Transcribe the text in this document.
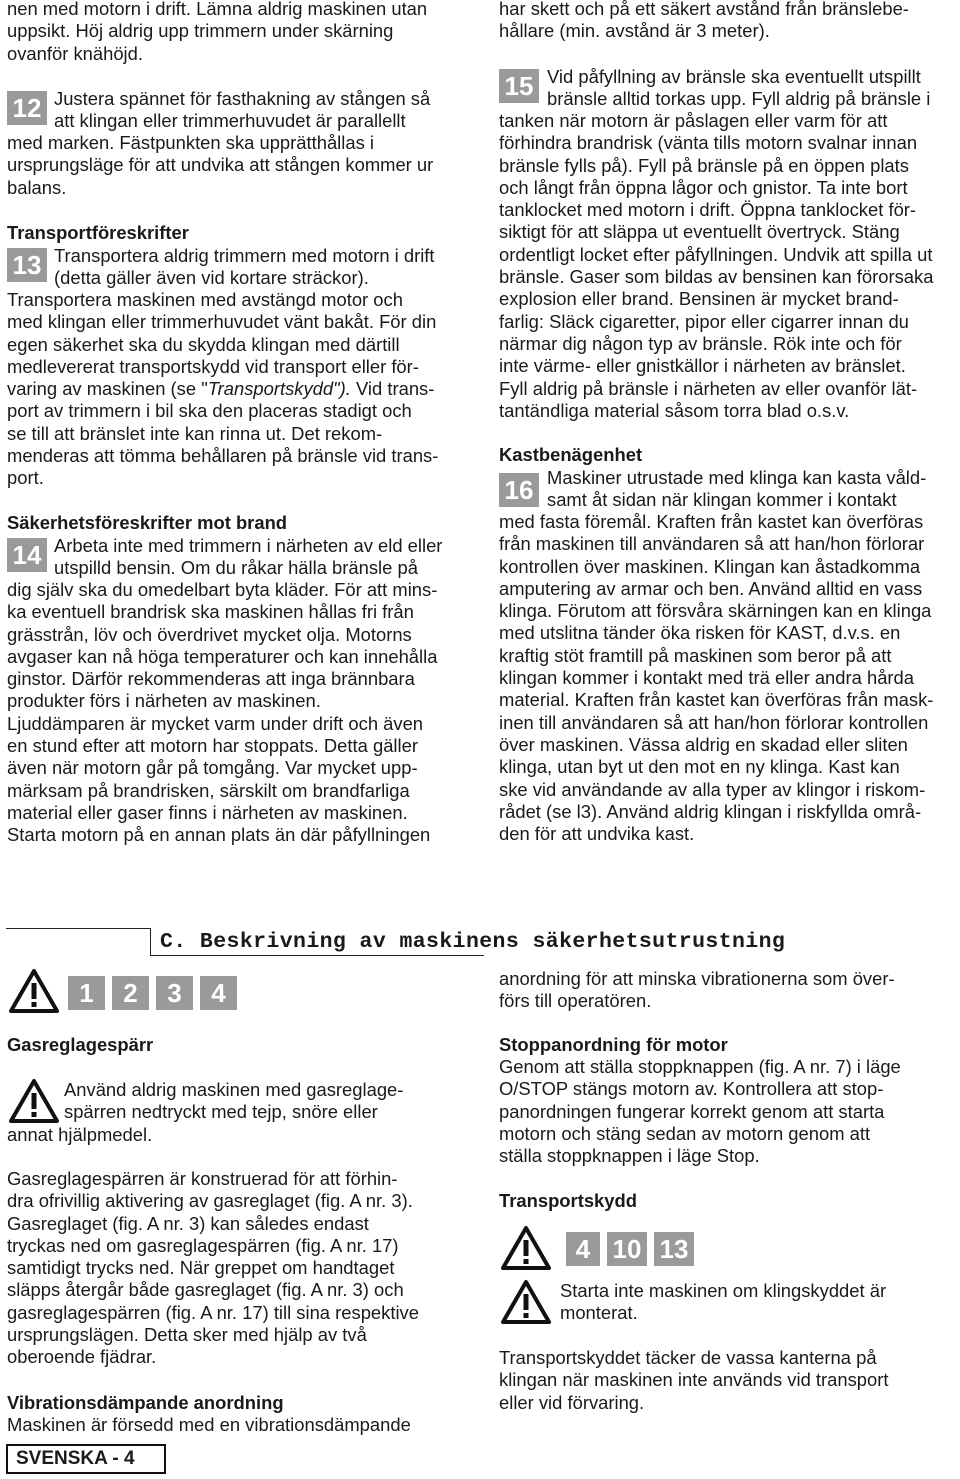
nen med motorn i drift. Lämna aldrig maskinen utan
uppsikt. Höj aldrig upp trimmern under skärning
ovanför knähöjd.
12 Justera spännet för fasthakning av stången så
att klingan eller trimmerhuvudet är parallellt
med marken. Fästpunkten ska upprätthållas i
ursprungsläge för att undvika att stången kommer ur
balans.
Transportföreskrifter
13 Transportera aldrig trimmern med motorn i drift
(detta gäller även vid kortare sträckor).
Transportera maskinen med avstängd motor och
med klingan eller trimmerhuvudet vänt bakåt. För din
egen säkerhet ska du skydda klingan med därtill
medlevererat transportskydd vid transport eller för-
varing av maskinen (se "Transportskydd"). Vid trans-
port av trimmern i bil ska den placeras stadigt och
se till att bränslet inte kan rinna ut. Det rekom-
menderas att tömma behållaren på bränsle vid trans-
port.
Säkerhetsföreskrifter mot brand
14 Arbeta inte med trimmern i närheten av eld eller
utspilld bensin. Om du råkar hälla bränsle på
dig själv ska du omedelbart byta kläder. För att mins-
ka eventuell brandrisk ska maskinen hållas fri från
grässtrån, löv och överdrivet mycket olja. Motorns
avgaser kan nå höga temperaturer och kan innehålla
ginstor. Därför rekommenderas att inga brännbara
produkter förs i närheten av maskinen.
Ljuddämparen är mycket varm under drift och även
en stund efter att motorn har stoppats. Detta gäller
även när motorn går på tomgång. Var mycket upp-
märksam på brandrisken, särskilt om brandfarliga
material eller gaser finns i närheten av maskinen.
Starta motorn på en annan plats än där påfyllningen
har skett och på ett säkert avstånd från bränslebe-
hållare (min. avstånd är 3 meter).
15 Vid påfyllning av bränsle ska eventuellt utspillt
bränsle alltid torkas upp. Fyll aldrig på bränsle i
tanken när motorn är påslagen eller varm för att
förhindra brandrisk (vänta tills motorn svalnar innan
bränsle fylls på). Fyll på bränsle på en öppen plats
och långt från öppna lågor och gnistor. Ta inte bort
tanklocket med motorn i drift. Öppna tanklocket för-
siktigt för att släppa ut eventuellt övertryck. Stäng
ordentligt locket efter påfyllningen. Undvik att spilla ut
bränsle. Gaser som bildas av bensinen kan förorsaka
explosion eller brand. Bensinen är mycket brand-
farlig: Släck cigaretter, pipor eller cigarrer innan du
närmar dig någon typ av bränsle. Rök inte och för
inte värme- eller gnistkällor i närheten av bränslet.
Fyll aldrig på bränsle i närheten av eller ovanför lät-
tantändliga material såsom torra blad o.s.v.
Kastbenägenhet
16 Maskiner utrustade med klinga kan kasta våld-
samt åt sidan när klingan kommer i kontakt
med fasta föremål. Kraften från kastet kan överföras
från maskinen till användaren så att han/hon förlorar
kontrollen över maskinen. Klingan kan åstadkomma
amputering av armar och ben. Använd alltid en vass
klinga. Förutom att försvåra skärningen kan en klinga
med utslitna tänder öka risken för KAST, d.v.s. en
kraftig stöt framtill på maskinen som beror på att
klingan kommer i kontakt med trä eller andra hårda
material. Kraften från kastet kan överföras från mask-
inen till användaren så att han/hon förlorar kontrollen
över maskinen. Vässa aldrig en skadad eller sliten
klinga, utan byt ut den mot en ny klinga. Kast kan
ske vid användande av alla typer av klingor i riskom-
rådet (se l3). Använd aldrig klingan i riskfyllda områ-
den för att undvika kast.
C. Beskrivning av maskinens säkerhetsutrustning
1	2	3	4
Gasreglagespärr
Använd aldrig maskinen med gasreglage-
spärren nedtryckt med tejp, snöre eller
annat hjälpmedel.
Gasreglagespärren är konstruerad för att förhin-
dra ofrivillig aktivering av gasreglaget (fig. A nr. 3).
Gasreglaget (fig. A nr. 3) kan således endast
tryckas ned om gasreglagespärren (fig. A nr. 17)
samtidigt trycks ned. När greppet om handtaget
släpps återgår både gasreglaget (fig. A nr. 3) och
gasreglagespärren (fig. A nr. 17) till sina respektive
ursprungslägen. Detta sker med hjälp av två
oberoende fjädrar.
Vibrationsdämpande anordning
Maskinen är försedd med en vibrationsdämpande
anordning för att minska vibrationerna som över-
förs till operatören.
Stoppanordning för motor
Genom att ställa stoppknappen (fig. A nr. 7) i läge
O/STOP stängs motorn av. Kontrollera att stop-
panordningen fungerar korrekt genom att starta
motorn och stäng sedan av motorn genom att
ställa stoppknappen i läge Stop.
Transportskydd
4 10 13
Starta inte maskinen om klingskyddet är
monterat.
Transportskyddet täcker de vassa kanterna på
klingan när maskinen inte används vid transport
eller vid förvaring.
SVENSKA - 4
